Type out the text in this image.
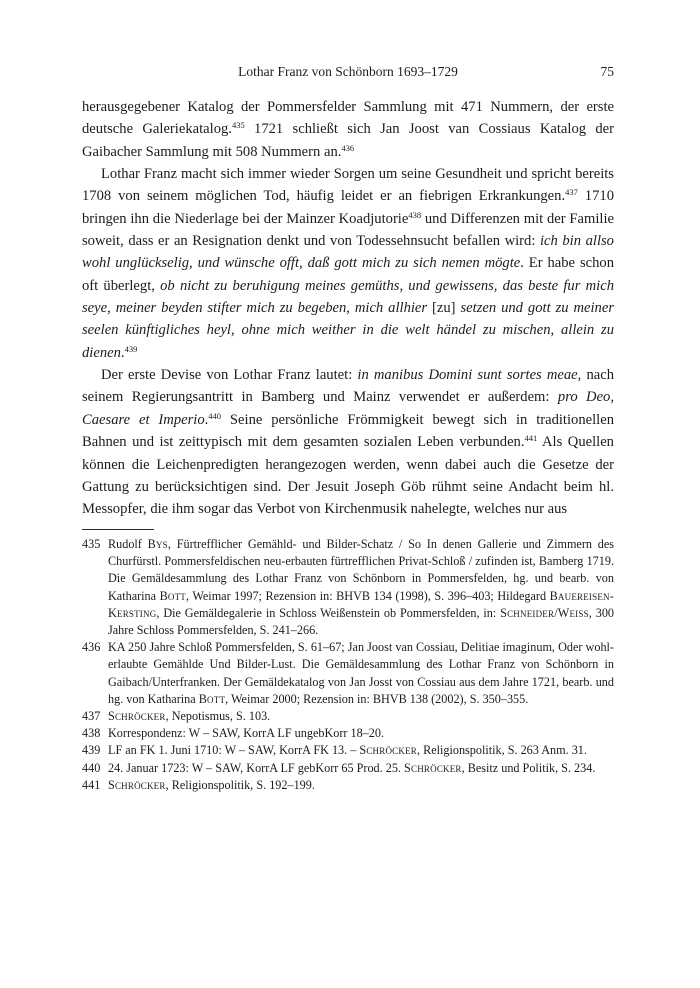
Lothar Franz von Schönborn 1693–1729	75

herausgegebener Katalog der Pommersfelder Sammlung mit 471 Nummern, der erste deutsche Galeriekatalog.$^{435}$ 1721 schließt sich Jan Joost van Cossiaus Katalog der Gaibacher Sammlung mit 508 Nummern an.$^{436}$

Lothar Franz macht sich immer wieder Sorgen um seine Gesundheit und spricht bereits 1708 von seinem möglichen Tod, häufig leidet er an fiebrigen Erkrankungen.$^{437}$ 1710 bringen ihn die Niederlage bei der Mainzer Koadjutorie$^{438}$ und Differenzen mit der Familie soweit, dass er an Resignation denkt und von Todessehnsucht befallen wird: ich bin allso wohl unglückselig, und wünsche offt, daß gott mich zu sich nemen mögte. Er habe schon oft überlegt, ob nicht zu beruhigung meines gemüths, und gewissens, das beste fur mich seye, meiner beyden stifter mich zu begeben, mich allhier [zu] setzen und gott zu meiner seelen künftigliches heyl, ohne mich weither in die welt händel zu mischen, allein zu dienen.$^{439}$

Der erste Devise von Lothar Franz lautet: in manibus Domini sunt sortes meae, nach seinem Regierungsantritt in Bamberg und Mainz verwendet er außerdem: pro Deo, Caesare et Imperio.$^{440}$ Seine persönliche Frömmigkeit bewegt sich in traditionellen Bahnen und ist zeittypisch mit dem gesamten sozialen Leben verbunden.$^{441}$ Als Quellen können die Leichenpredigten herangezogen werden, wenn dabei auch die Gesetze der Gattung zu berücksichtigen sind. Der Jesuit Joseph Göb rühmt seine Andacht beim hl. Messopfer, die ihm sogar das Verbot von Kirchenmusik nahelegte, welches nur aus

435 Rudolf Bys, Fürtrefflicher Gemähld- und Bilder-Schatz / So In denen Gallerie und Zimmern des Churfürstl. Pommersfeldischen neu-erbauten fürtrefflichen Privat-Schloß / zufinden ist, Bamberg 1719. Die Gemäldesammlung des Lothar Franz von Schönborn in Pommersfelden, hg. und bearb. von Katharina Bott, Weimar 1997; Rezension in: BHVB 134 (1998), S. 396–403; Hildegard Bauereisen-Kersting, Die Gemäldegalerie in Schloss Weißenstein ob Pommersfelden, in: Schneider/Weiss, 300 Jahre Schloss Pommersfelden, S. 241–266.
436 KA 250 Jahre Schloß Pommersfelden, S. 61–67; Jan Joost van Cossiau, Delitiae imaginum, Oder wohl-erlaubte Gemählde Und Bilder-Lust. Die Gemäldesammlung des Lothar Franz von Schönborn in Gaibach/Unterfranken. Der Gemäldekatalog von Jan Josst von Cossiau aus dem Jahre 1721, bearb. und hg. von Katharina Bott, Weimar 2000; Rezension in: BHVB 138 (2002), S. 350–355.
437 Schröcker, Nepotismus, S. 103.
438 Korrespondenz: W – SAW, KorrA LF ungebKorr 18–20.
439 LF an FK 1. Juni 1710: W – SAW, KorrA FK 13. – Schröcker, Religionspolitik, S. 263 Anm. 31.
440 24. Januar 1723: W – SAW, KorrA LF gebKorr 65 Prod. 25. Schröcker, Besitz und Politik, S. 234.
441 Schröcker, Religionspolitik, S. 192–199.
